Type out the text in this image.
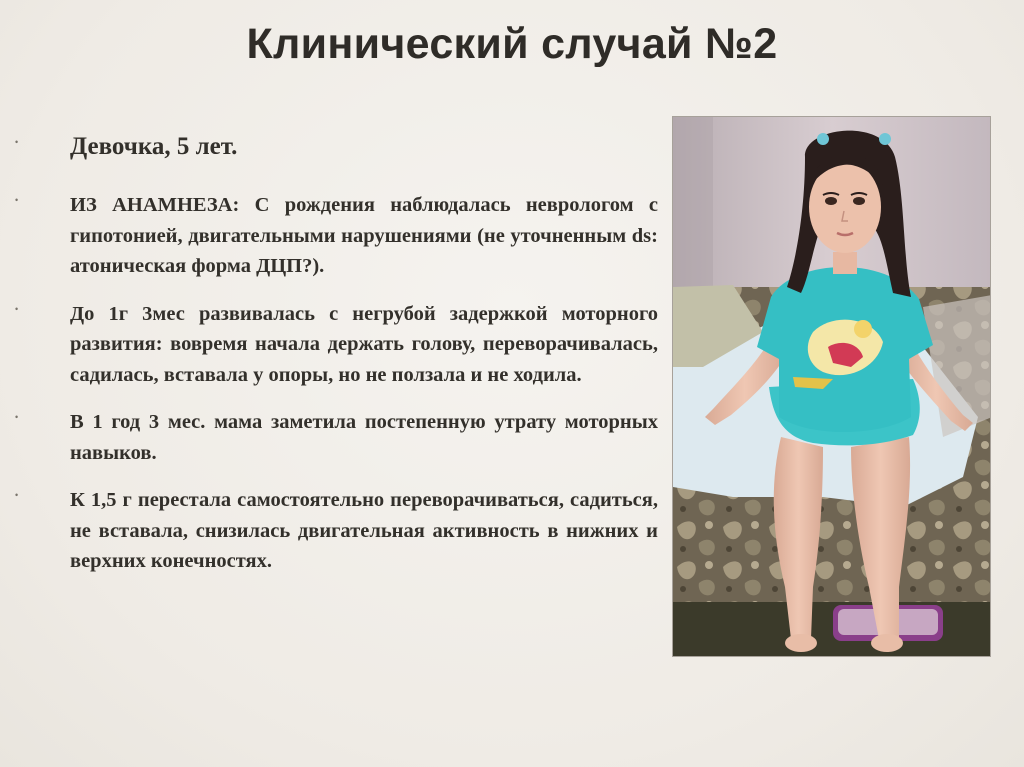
Клинический случай №2
• Девочка, 5 лет.
•	ИЗ АНАМНЕЗА: С рождения наблюдалась неврологом с гипотонией, двигательными нарушениями (не уточненным ds: атоническая форма ДЦП?).
•	До 1г 3мес развивалась с негрубой задержкой моторного развития: вовремя начала держать голову, переворачивалась, садилась, вставала у опоры, но не ползала и не ходила.
•	В 1 год 3 мес. мама заметила постепенную утрату моторных навыков.
•	К 1,5 г перестала самостоятельно переворачиваться, садиться, не вставала, снизилась двигательная активность в нижних и верхних конечностях.
